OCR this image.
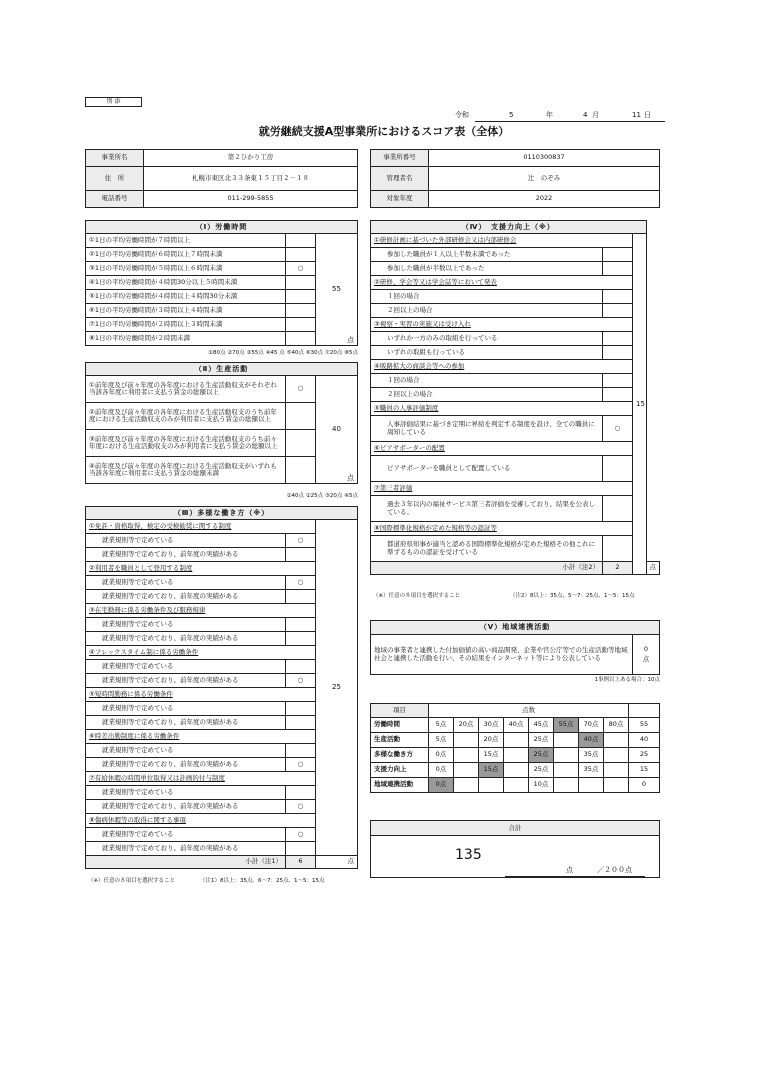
別 添
令和	5	年	4 月	11 日
就労継続支援A型事業所におけるスコア表（全体）
事業所名	第２ひかり工房
住　所	札幌市東区北３３条東１５丁目２－１８
電話番号	011-299-5855
事業所番号	0110300837
管理者名	辻　のぞみ
対象年度	2022
（Ⅰ）労働時間		
①1日の平均労働時間が７時間以上		55
点

②1日の平均労働時間が６時間以上７時間未満		
③1日の平均労働時間が５時間以上６時間未満	○	
④1日の平均労働時間が４時間30分以上５時間未満		
⑤1日の平均労働時間が４時間以上４時間30分未満		
⑥1日の平均労働時間が３時間以上４時間未満		
⑦1日の平均労働時間が２時間以上３時間未満		
⑧1日の平均労働時間が２時間未満		
①80点 ②70点 ③55点 ④45 点 ⑤40点 ⑥30点 ⑦20点 ⑧5点
（Ⅱ）生産活動		
①前年度及び前々年度の各年度における生産活動収支がそれぞれ当該各年度に利用者に支払う賃金の総額以上	○	40
点

②前年度及び前々年度の各年度における生産活動収支のうち前年度における生産活動収支のみが利用者に支払う賃金の総額以上		
③前年度及び前々年度の各年度における生産活動収支のうち前々年度における生産活動収支のみが利用者に支払う賃金の総額以上		
④前年度及び前々年度の各年度における生産活動収支がいずれも当該各年度に利用者に支払う賃金の総額未満		
①40点 ②25点 ③20点 ④5点
（Ⅲ）多様な働き方（※）		
①免許・資格取得、検定の受検勧奨に関する制度		25
就業規則等で定めている	○	
就業規則等で定めており、前年度の実績がある		
②利用者を職員として登用する制度		
就業規則等で定めている	○	
就業規則等で定めており、前年度の実績がある		
③在宅勤務に係る労働条件及び服務規律		
就業規則等で定めている		
就業規則等で定めており、前年度の実績がある		
④フレックスタイム制に係る労働条件		
就業規則等で定めている		
就業規則等で定めており、前年度の実績がある	○	
⑤短時間勤務に係る労働条件		
就業規則等で定めている		
就業規則等で定めており、前年度の実績がある		
⑥時差出勤制度に係る労働条件		
就業規則等で定めている		
就業規則等で定めており、前年度の実績がある	○	
⑦有給休暇の時間単位取得又は計画的付与制度		
就業規則等で定めている		
就業規則等で定めており、前年度の実績がある	○	
⑧傷病休暇等の取得に関する事項		
就業規則等で定めている	○	
就業規則等で定めており、前年度の実績がある		
小計（注1）	6	点
（※）任意の８項目を選択すること	（注1）8以上：35点、6～7：25点、1～5：15点
（Ⅳ）　支援力向上（※）			
①研修計画に基づいた外部研修会又は内部研修会		15	
参加した職員が１人以上半数未満であった			
参加した職員が半数以上であった			
②研修、学会等又は学会誌等において発表			
１回の場合			
２回以上の場合			
③視察・実習の実施又は受け入れ			
いずれか一方のみの取組を行っている			
いずれの取組も行っている			
④販路拡大の商談会等への参加			
１回の場合			
２回以上の場合			
⑤職員の人事評価制度			
人事評価結果に基づき定期に昇給を判定する制度を設け、全ての職員に周知している	○		
⑥ピアサポーターの配置			
ピアサポーターを職員として配置している			
⑦第三者評価			
過去３年以内の福祉サービス第三者評価を受審しており、結果を公表している。			
⑧国際標準化規格が定めた規格等の認証等			
都道府県知事が適当と認める国際標準化規格が定めた規格その他これに準ずるものの認証を受けている			
小計（注2）	2		点
（※）任意の８項目を選択すること	（注2）8以上：35点、5～7：25点、1～5：15点
（Ⅴ）地域連携活動
地域の事業者と連携した付加価値の高い商品開発、企業や官公庁等での生産活動等地域社会と連携した活動を行い、その結果をインターネット等により公表している	
0
点
1事例以上ある場合：10点
項目	点数								
労働時間	5点	20点	30点	40点	45点	55点	70点	80点	55
生産活動	5点		20点		25点		40点		40
多様な働き方	0点		15点		25点		35点		25
支援力向上	0点		15点		25点		35点		15
地域連携活動	0点				10点				0
合計
135
点	／２００点
